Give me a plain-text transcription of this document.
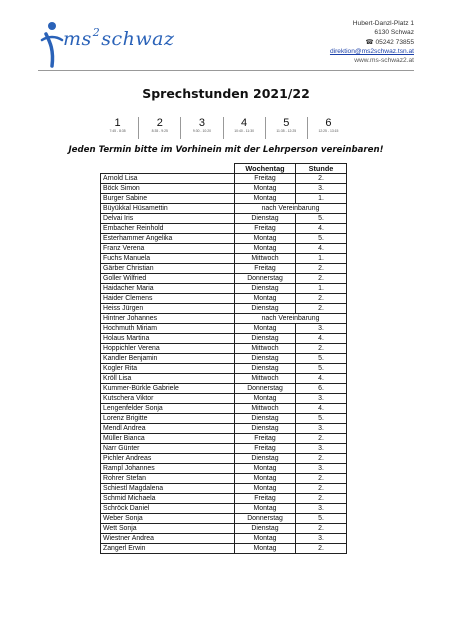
$ms^2schwaz$
Hubert-Danzl-Platz 1
6130 Schwaz
☎ 05242 73855
direktion@ms2schwaz.tsn.at
www.ms-schwaz2.at
Sprechstunden 2021/22
1
7:45 - 8:35
2
8:35 - 9:25
3
9:30 - 10:20
4
10:40 - 11:30
5
11:35 - 12:25
6
12:25 - 13:15
Jeden Termin bitte im Vorhinein mit der Lehrperson vereinbaren!
	Wochentag	Stunde
Arnold Lisa	Freitag	2.
Böck Simon	Montag	3.
Burger Sabine	Montag	1.
Büyükkal Hüsamettin	nach Vereinbarung	
Delvai Iris	Dienstag	5.
Embacher Reinhold	Freitag	4.
Esterhammer Angelika	Montag	5.
Franz Verena	Montag	4.
Fuchs Manuela	Mittwoch	1.
Gärber Christian	Freitag	2.
Goller Wilfried	Donnerstag	2.
Haidacher Maria	Dienstag	1.
Haider Clemens	Montag	2.
Heiss Jürgen	Dienstag	2.
Hintner Johannes	nach Vereinbarung	
Hochmuth Miriam	Montag	3.
Holaus Martina	Dienstag	4.
Hoppichler Verena	Mittwoch	2.
Kandler Benjamin	Dienstag	5.
Kogler Rita	Dienstag	5.
Kröll Lisa	Mittwoch	4.
Kummer-Bürkle Gabriele	Donnerstag	6.
Kutschera Viktor	Montag	3.
Lengenfelder Sonja	Mittwoch	4.
Lorenz Brigitte	Dienstag	5.
Mendl Andrea	Dienstag	3.
Müller Bianca	Freitag	2.
Narr Günter	Freitag	3.
Pichler Andreas	Dienstag	2.
Rampl Johannes	Montag	3.
Rohrer Stefan	Montag	2.
Schiestl Magdalena	Montag	2.
Schmid Michaela	Freitag	2.
Schröck Daniel	Montag	3.
Weber Sonja	Donnerstag	5.
Wett Sonja	Dienstag	2.
Wiestner Andrea	Montag	3.
Zangerl Erwin	Montag	2.
